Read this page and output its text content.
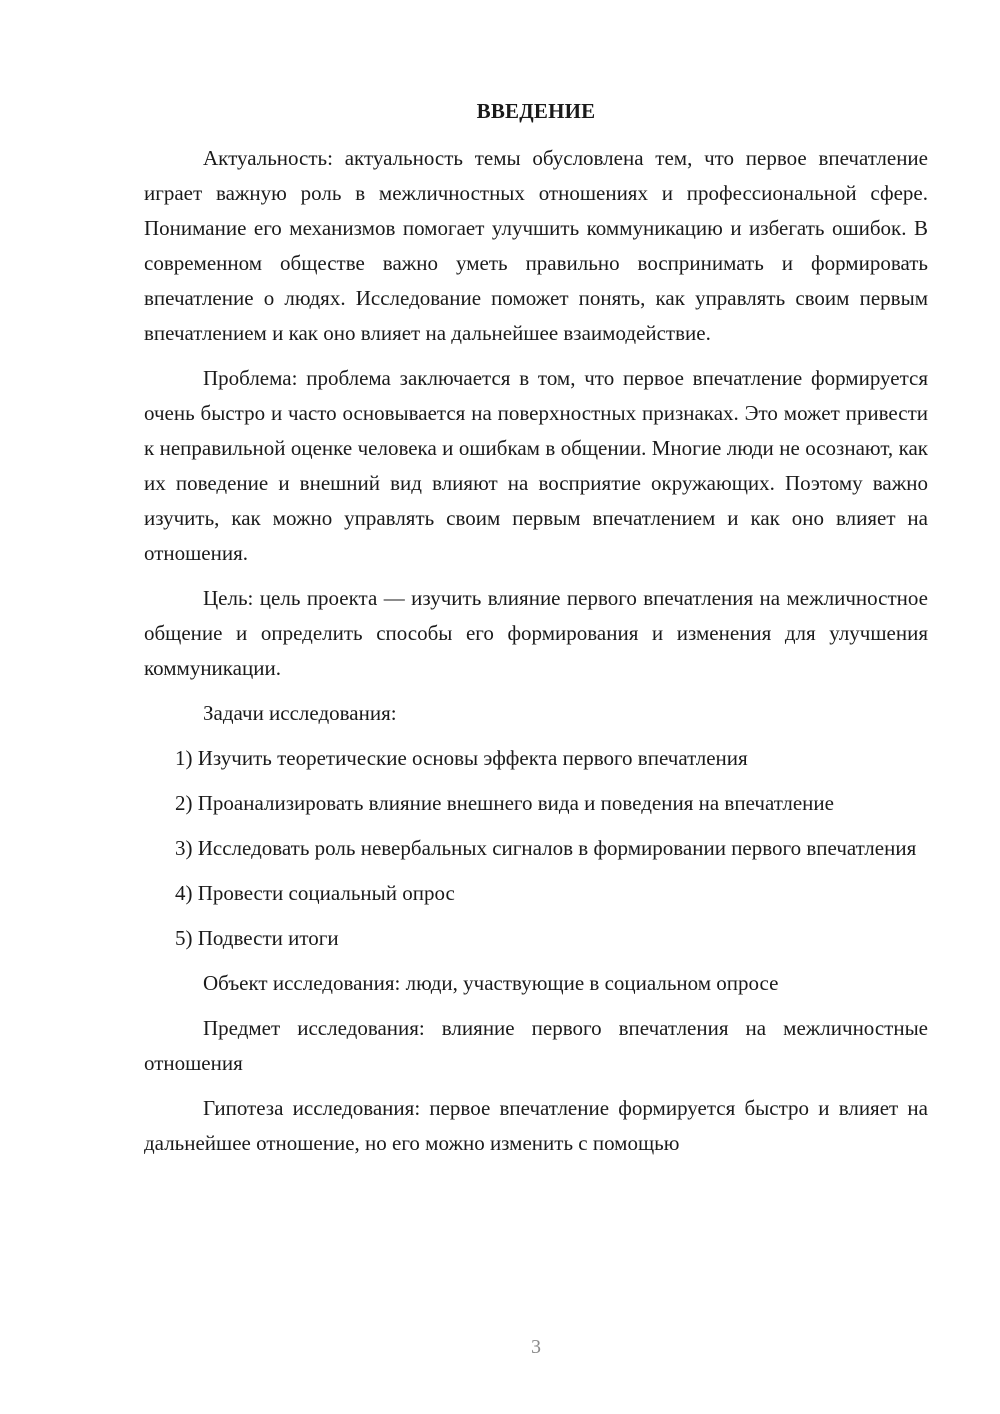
ВВЕДЕНИЕ

Актуальность: актуальность темы обусловлена тем, что первое впечатление играет важную роль в межличностных отношениях и профессиональной сфере. Понимание его механизмов помогает улучшить коммуникацию и избегать ошибок. В современном обществе важно уметь правильно воспринимать и формировать впечатление о людях. Исследование поможет понять, как управлять своим первым впечатлением и как оно влияет на дальнейшее взаимодействие.

Проблема: проблема заключается в том, что первое впечатление формируется очень быстро и часто основывается на поверхностных признаках. Это может привести к неправильной оценке человека и ошибкам в общении. Многие люди не осознают, как их поведение и внешний вид влияют на восприятие окружающих. Поэтому важно изучить, как можно управлять своим первым впечатлением и как оно влияет на отношения.

Цель: цель проекта — изучить влияние первого впечатления на межличностное общение и определить способы его формирования и изменения для улучшения коммуникации.

Задачи исследования:

1) Изучить теоретические основы эффекта первого впечатления

2) Проанализировать влияние внешнего вида и поведения на впечатление

3) Исследовать роль невербальных сигналов в формировании первого впечатления

4) Провести социальный опрос

5) Подвести итоги

Объект исследования: люди, участвующие в социальном опросе

Предмет исследования: влияние первого впечатления на межличностные отношения

Гипотеза исследования: первое впечатление формируется быстро и влияет на дальнейшее отношение, но его можно изменить с помощью

3
